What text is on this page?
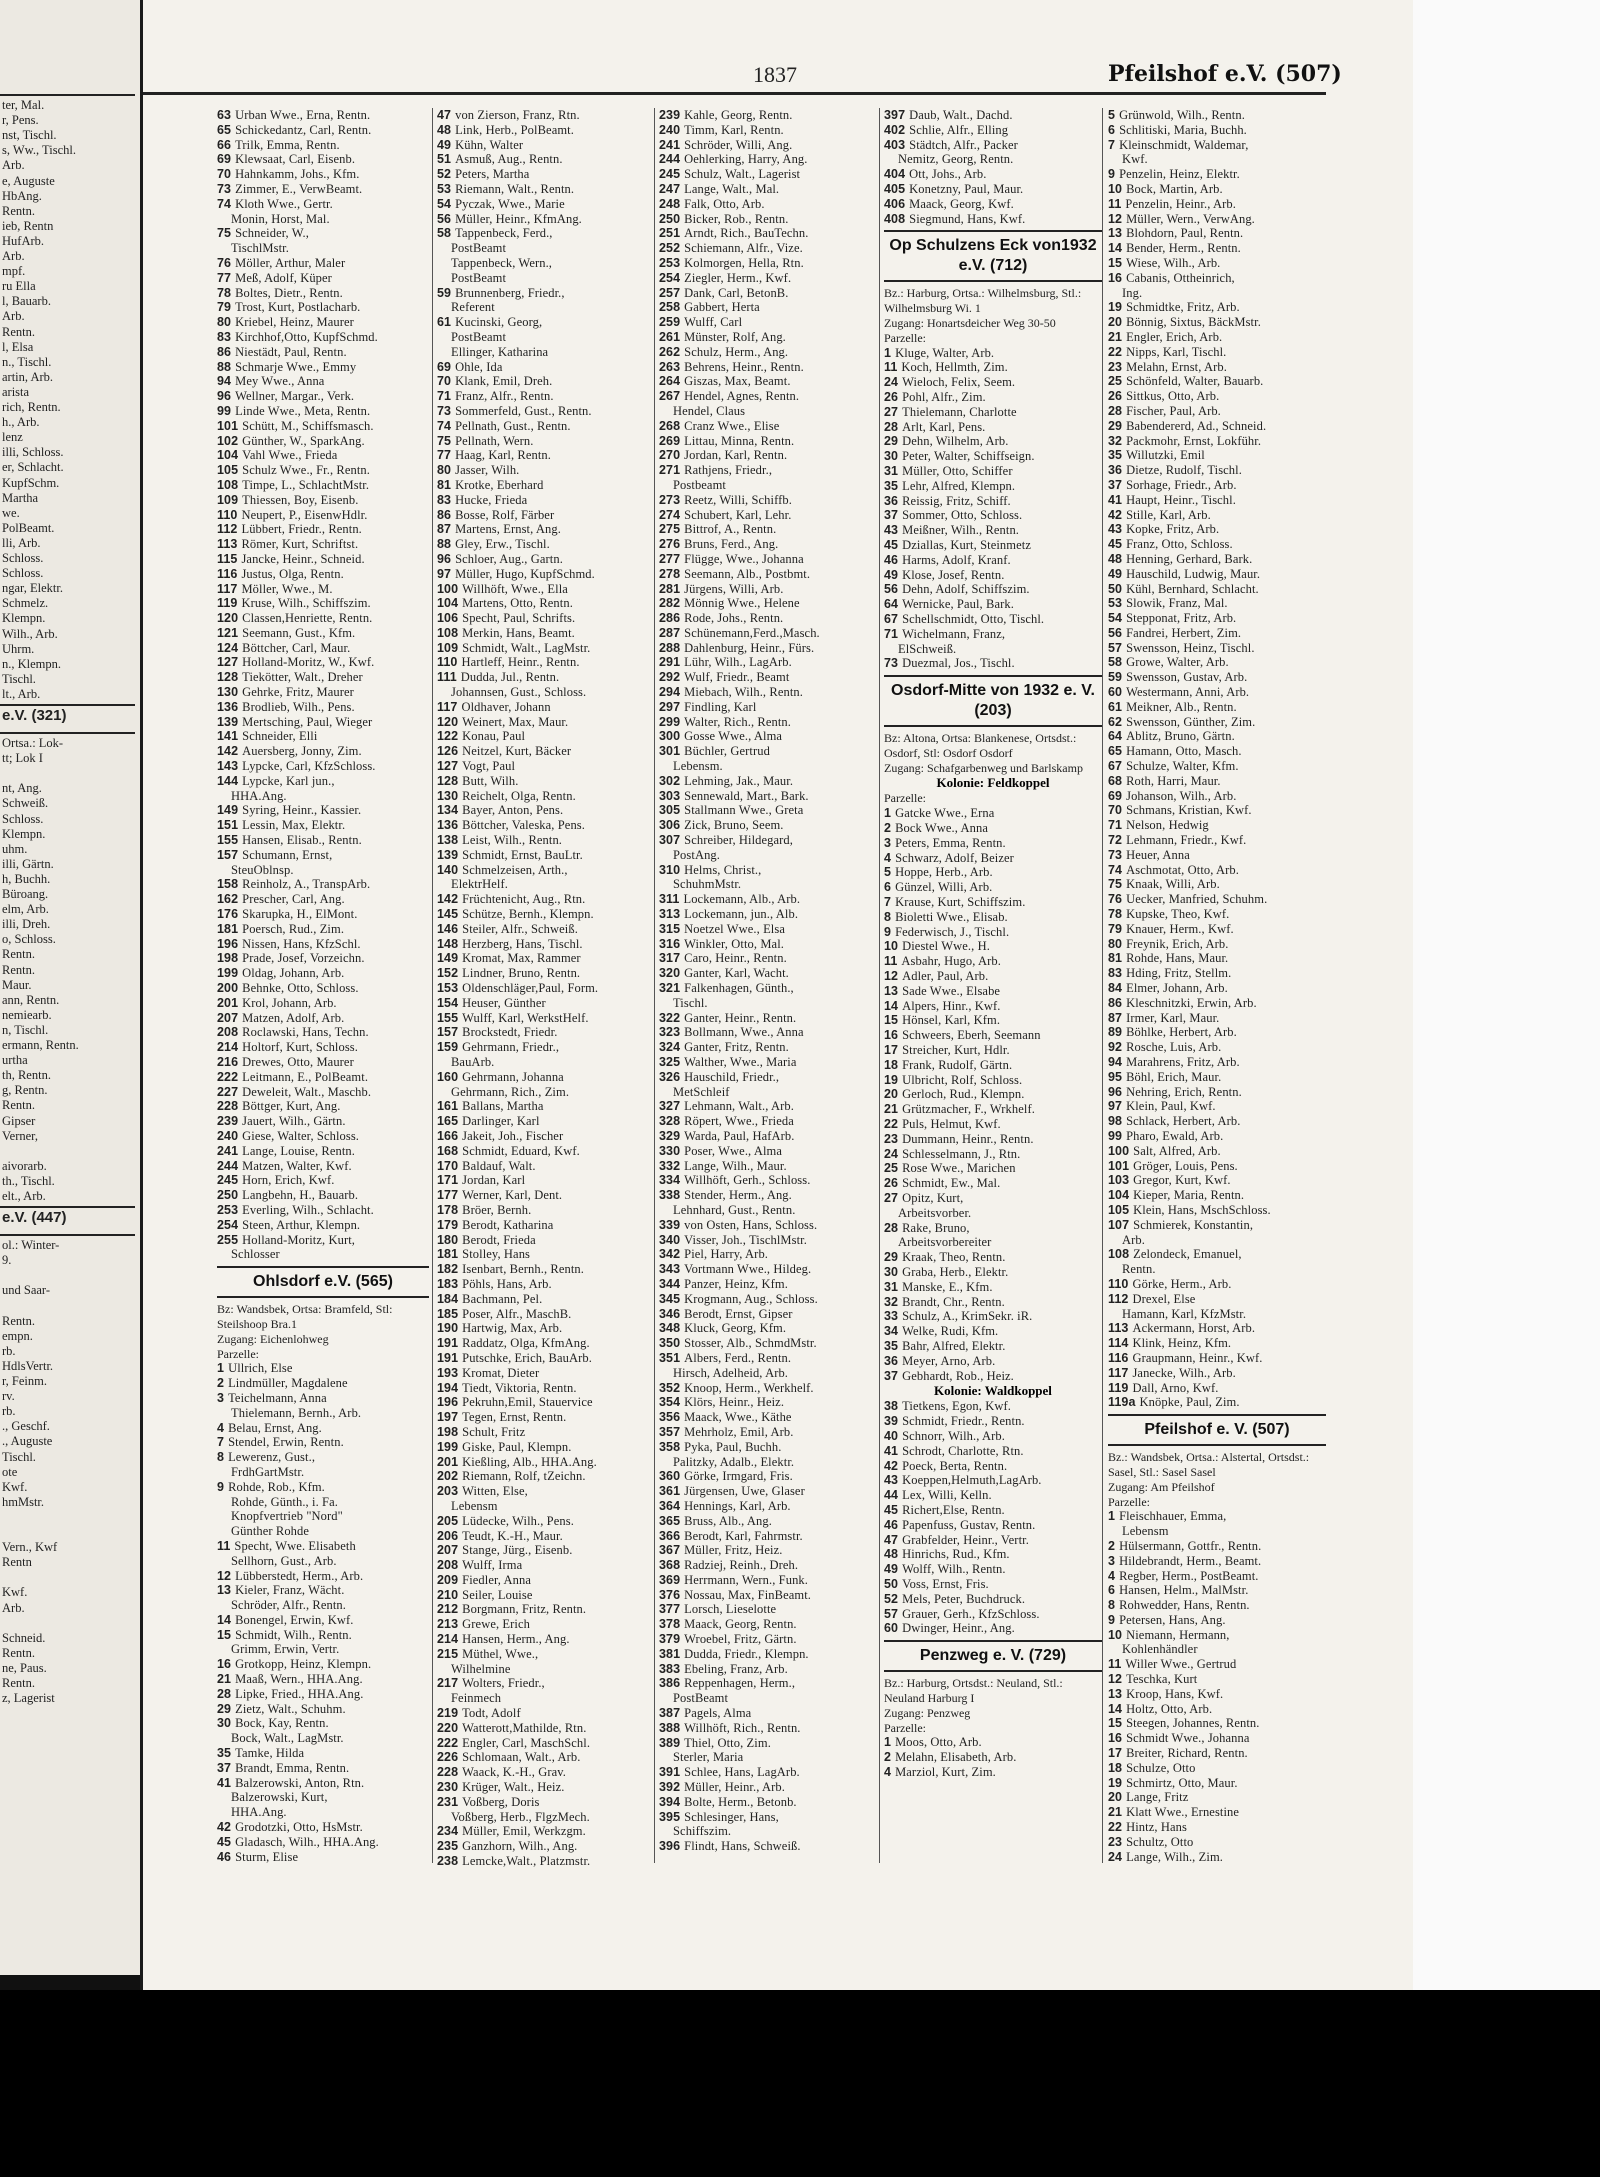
ter, Mal.
r, Pens.
nst, Tischl.
s, Ww., Tischl.
Arb.
e, Auguste
HbAng.
Rentn.
ieb, Rentn
HufArb.
Arb.
mpf.
ru Ella
l, Bauarb.
Arb.
Rentn.
l, Elsa
n., Tischl.
artin, Arb.
arista
rich, Rentn.
h., Arb.
lenz
illi, Schloss.
er, Schlacht.
KupfSchm.
Martha
we.
PolBeamt.
lli, Arb.
Schloss.
Schloss.
ngar, Elektr.
Schmelz.
Klempn.
Wilh., Arb.
Uhrm.
n., Klempn.
Tischl.
lt., Arb.
e.V. (321)
Ortsa.: Lok-
tt; Lok I
nt, Ang.
Schweiß.
Schloss.
Klempn.
uhm.
illi, Gärtn.
h, Buchh.
Büroang.
elm, Arb.
illi, Dreh.
o, Schloss.
Rentn.
Rentn.
Maur.
ann, Rentn.
nemiearb.
n, Tischl.
ermann, Rentn.
urtha
th, Rentn.
g, Rentn.
Rentn.
Gipser
Verner,
aivorarb.
th., Tischl.
elt., Arb.
e.V. (447)
ol.: Winter-
9.
und Saar-
Rentn.
empn.
rb.
HdlsVertr.
r, Feinm.
rv.
rb.
., Geschf.
., Auguste
Tischl.
ote
Kwf.
hmMstr.
Vern., Kwf
Rentn
Kwf.
Arb.
Schneid.
Rentn.
ne, Paus.
Rentn.
z, Lagerist
1837	Pfeilshof e.V. (507)
63 Urban Wwe., Erna, Rentn.
65 Schickedantz, Carl, Rentn.
66 Trilk, Emma, Rentn.
69 Klewsaat, Carl, Eisenb.
70 Hahnkamm, Johs., Kfm.
73 Zimmer, E., VerwBeamt.
74 Kloth Wwe., Gertr.
Monin, Horst, Mal.
75 Schneider, W.,
TischlMstr.
76 Möller, Arthur, Maler
77 Meß, Adolf, Küper
78 Boltes, Dietr., Rentn.
79 Trost, Kurt, Postlacharb.
80 Kriebel, Heinz, Maurer
83 Kirchhof,Otto, KupfSchmd.
86 Niestädt, Paul, Rentn.
88 Schmarje Wwe., Emmy
94 Mey Wwe., Anna
96 Wellner, Margar., Verk.
99 Linde Wwe., Meta, Rentn.
101 Schütt, M., Schiffsmasch.
102 Günther, W., SparkAng.
104 Vahl Wwe., Frieda
105 Schulz Wwe., Fr., Rentn.
108 Timpe, L., SchlachtMstr.
109 Thiessen, Boy, Eisenb.
110 Neupert, P., EisenwHdlr.
112 Lübbert, Friedr., Rentn.
113 Römer, Kurt, Schriftst.
115 Jancke, Heinr., Schneid.
116 Justus, Olga, Rentn.
117 Möller, Wwe., M.
119 Kruse, Wilh., Schiffszim.
120 Classen,Henriette, Rentn.
121 Seemann, Gust., Kfm.
124 Böttcher, Carl, Maur.
127 Holland-Moritz, W., Kwf.
128 Tiekötter, Walt., Dreher
130 Gehrke, Fritz, Maurer
136 Brodlieb, Wilh., Pens.
139 Mertsching, Paul, Wieger
141 Schneider, Elli
142 Auersberg, Jonny, Zim.
143 Lypcke, Carl, KfzSchloss.
144 Lypcke, Karl jun.,
HHA.Ang.
149 Syring, Heinr., Kassier.
151 Lessin, Max, Elektr.
155 Hansen, Elisab., Rentn.
157 Schumann, Ernst,
SteuOblnsp.
158 Reinholz, A., TranspArb.
162 Prescher, Carl, Ang.
176 Skarupka, H., ElMont.
181 Poersch, Rud., Zim.
196 Nissen, Hans, KfzSchl.
198 Prade, Josef, Vorzeichn.
199 Oldag, Johann, Arb.
200 Behnke, Otto, Schloss.
201 Krol, Johann, Arb.
207 Matzen, Adolf, Arb.
208 Roclawski, Hans, Techn.
214 Holtorf, Kurt, Schloss.
216 Drewes, Otto, Maurer
222 Leitmann, E., PolBeamt.
227 Deweleit, Walt., Maschb.
228 Böttger, Kurt, Ang.
239 Jauert, Wilh., Gärtn.
240 Giese, Walter, Schloss.
241 Lange, Louise, Rentn.
244 Matzen, Walter, Kwf.
245 Horn, Erich, Kwf.
250 Langbehn, H., Bauarb.
253 Everling, Wilh., Schlacht.
254 Steen, Arthur, Klempn.
255 Holland-Moritz, Kurt,
Schlosser
Ohlsdorf e.V. (565)
Bz: Wandsbek, Ortsa: Bramfeld, Stl: Steilshoop Bra.1
Zugang: Eichenlohweg
Parzelle:
1 Ullrich, Else
2 Lindmüller, Magdalene
3 Teichelmann, Anna
Thielemann, Bernh., Arb.
4 Belau, Ernst, Ang.
7 Stendel, Erwin, Rentn.
8 Lewerenz, Gust.,
FrdhGartMstr.
9 Rohde, Rob., Kfm.
Rohde, Günth., i. Fa.
Knopfvertrieb "Nord"
Günther Rohde
11 Specht, Wwe. Elisabeth
Sellhorn, Gust., Arb.
12 Lübberstedt, Herm., Arb.
13 Kieler, Franz, Wächt.
Schröder, Alfr., Rentn.
14 Bonengel, Erwin, Kwf.
15 Schmidt, Wilh., Rentn.
Grimm, Erwin, Vertr.
16 Grotkopp, Heinz, Klempn.
21 Maaß, Wern., HHA.Ang.
28 Lipke, Fried., HHA.Ang.
29 Zietz, Walt., Schuhm.
30 Bock, Kay, Rentn.
Bock, Walt., LagMstr.
35 Tamke, Hilda
37 Brandt, Emma, Rentn.
41 Balzerowski, Anton, Rtn.
Balzerowski, Kurt,
HHA.Ang.
42 Grodotzki, Otto, HsMstr.
45 Gladasch, Wilh., HHA.Ang.
46 Sturm, Elise
47 von Zierson, Franz, Rtn.
48 Link, Herb., PolBeamt.
49 Kühn, Walter
51 Asmuß, Aug., Rentn.
52 Peters, Martha
53 Riemann, Walt., Rentn.
54 Pyczak, Wwe., Marie
56 Müller, Heinr., KfmAng.
58 Tappenbeck, Ferd.,
PostBeamt
Tappenbeck, Wern.,
PostBeamt
59 Brunnenberg, Friedr.,
Referent
61 Kucinski, Georg,
PostBeamt
Ellinger, Katharina
69 Ohle, Ida
70 Klank, Emil, Dreh.
71 Franz, Alfr., Rentn.
73 Sommerfeld, Gust., Rentn.
74 Pellnath, Gust., Rentn.
75 Pellnath, Wern.
77 Haag, Karl, Rentn.
80 Jasser, Wilh.
81 Krotke, Eberhard
83 Hucke, Frieda
86 Bosse, Rolf, Färber
87 Martens, Ernst, Ang.
88 Gley, Erw., Tischl.
96 Schloer, Aug., Gartn.
97 Müller, Hugo, KupfSchmd.
100 Willhöft, Wwe., Ella
104 Martens, Otto, Rentn.
106 Specht, Paul, Schrifts.
108 Merkin, Hans, Beamt.
109 Schmidt, Walt., LagMstr.
110 Hartleff, Heinr., Rentn.
111 Dudda, Jul., Rentn.
Johannsen, Gust., Schloss.
117 Oldhaver, Johann
120 Weinert, Max, Maur.
122 Konau, Paul
126 Neitzel, Kurt, Bäcker
127 Vogt, Paul
128 Butt, Wilh.
130 Reichelt, Olga, Rentn.
134 Bayer, Anton, Pens.
136 Böttcher, Valeska, Pens.
138 Leist, Wilh., Rentn.
139 Schmidt, Ernst, BauLtr.
140 Schmelzeisen, Arth.,
ElektrHelf.
142 Früchtenicht, Aug., Rtn.
145 Schütze, Bernh., Klempn.
146 Steiler, Alfr., Schweiß.
148 Herzberg, Hans, Tischl.
149 Kromat, Max, Rammer
152 Lindner, Bruno, Rentn.
153 Oldenschläger,Paul, Form.
154 Heuser, Günther
155 Wulff, Karl, WerkstHelf.
157 Brockstedt, Friedr.
159 Gehrmann, Friedr.,
BauArb.
160 Gehrmann, Johanna
Gehrmann, Rich., Zim.
161 Ballans, Martha
165 Darlinger, Karl
166 Jakeit, Joh., Fischer
168 Schmidt, Eduard, Kwf.
170 Baldauf, Walt.
171 Jordan, Karl
177 Werner, Karl, Dent.
178 Bröer, Bernh.
179 Berodt, Katharina
180 Berodt, Frieda
181 Stolley, Hans
182 Isenbart, Bernh., Rentn.
183 Pöhls, Hans, Arb.
184 Bachmann, Pel.
185 Poser, Alfr., MaschB.
190 Hartwig, Max, Arb.
191 Raddatz, Olga, KfmAng.
191 Putschke, Erich, BauArb.
193 Kromat, Dieter
194 Tiedt, Viktoria, Rentn.
196 Pekruhn,Emil, Stauervice
197 Tegen, Ernst, Rentn.
198 Schult, Fritz
199 Giske, Paul, Klempn.
201 Kießling, Alb., HHA.Ang.
202 Riemann, Rolf, tZeichn.
203 Witten, Else,
Lebensm
205 Lüdecke, Wilh., Pens.
206 Teudt, K.-H., Maur.
207 Stange, Jürg., Eisenb.
208 Wulff, Irma
209 Fiedler, Anna
210 Seiler, Louise
212 Borgmann, Fritz, Rentn.
213 Grewe, Erich
214 Hansen, Herm., Ang.
215 Müthel, Wwe.,
Wilhelmine
217 Wolters, Friedr.,
Feinmech
219 Todt, Adolf
220 Watterott,Mathilde, Rtn.
222 Engler, Carl, MaschSchl.
226 Schlomaan, Walt., Arb.
228 Waack, K.-H., Grav.
230 Krüger, Walt., Heiz.
231 Voßberg, Doris
Voßberg, Herb., FlgzMech.
234 Müller, Emil, Werkzgm.
235 Ganzhorn, Wilh., Ang.
238 Lemcke,Walt., Platzmstr.
239 Kahle, Georg, Rentn.
240 Timm, Karl, Rentn.
241 Schröder, Willi, Ang.
244 Oehlerking, Harry, Ang.
245 Schulz, Walt., Lagerist
247 Lange, Walt., Mal.
248 Falk, Otto, Arb.
250 Bicker, Rob., Rentn.
251 Arndt, Rich., BauTechn.
252 Schiemann, Alfr., Vize.
253 Kolmorgen, Hella, Rtn.
254 Ziegler, Herm., Kwf.
257 Dank, Carl, BetonB.
258 Gabbert, Herta
259 Wulff, Carl
261 Münster, Rolf, Ang.
262 Schulz, Herm., Ang.
263 Behrens, Heinr., Rentn.
264 Giszas, Max, Beamt.
267 Hendel, Agnes, Rentn.
Hendel, Claus
268 Cranz Wwe., Elise
269 Littau, Minna, Rentn.
270 Jordan, Karl, Rentn.
271 Rathjens, Friedr.,
Postbeamt
273 Reetz, Willi, Schiffb.
274 Schubert, Karl, Lehr.
275 Bittrof, A., Rentn.
276 Bruns, Ferd., Ang.
277 Flügge, Wwe., Johanna
278 Seemann, Alb., Postbmt.
281 Jürgens, Willi, Arb.
282 Mönnig Wwe., Helene
286 Rode, Johs., Rentn.
287 Schünemann,Ferd.,Masch.
288 Dahlenburg, Heinr., Fürs.
291 Lühr, Wilh., LagArb.
292 Wulf, Friedr., Beamt
294 Miebach, Wilh., Rentn.
297 Findling, Karl
299 Walter, Rich., Rentn.
300 Gosse Wwe., Alma
301 Büchler, Gertrud
Lebensm.
302 Lehming, Jak., Maur.
303 Sennewald, Mart., Bark.
305 Stallmann Wwe., Greta
306 Zick, Bruno, Seem.
307 Schreiber, Hildegard,
PostAng.
310 Helms, Christ.,
SchuhmMstr.
311 Lockemann, Alb., Arb.
313 Lockemann, jun., Alb.
315 Noetzel Wwe., Elsa
316 Winkler, Otto, Mal.
317 Caro, Heinr., Rentn.
320 Ganter, Karl, Wacht.
321 Falkenhagen, Günth.,
Tischl.
322 Ganter, Heinr., Rentn.
323 Bollmann, Wwe., Anna
324 Ganter, Fritz, Rentn.
325 Walther, Wwe., Maria
326 Hauschild, Friedr.,
MetSchleif
327 Lehmann, Walt., Arb.
328 Röpert, Wwe., Frieda
329 Warda, Paul, HafArb.
330 Poser, Wwe., Alma
332 Lange, Wilh., Maur.
334 Willhöft, Gerh., Schloss.
338 Stender, Herm., Ang.
Lehnhard, Gust., Rentn.
339 von Osten, Hans, Schloss.
340 Visser, Joh., TischlMstr.
342 Piel, Harry, Arb.
343 Vortmann Wwe., Hildeg.
344 Panzer, Heinz, Kfm.
345 Krogmann, Aug., Schloss.
346 Berodt, Ernst, Gipser
348 Kluck, Georg, Kfm.
350 Stosser, Alb., SchmdMstr.
351 Albers, Ferd., Rentn.
Hirsch, Adelheid, Arb.
352 Knoop, Herm., Werkhelf.
354 Klörs, Heinr., Heiz.
356 Maack, Wwe., Käthe
357 Mehrholz, Emil, Arb.
358 Pyka, Paul, Buchh.
Palitzky, Adalb., Elektr.
360 Görke, Irmgard, Fris.
361 Jürgensen, Uwe, Glaser
364 Hennings, Karl, Arb.
365 Bruss, Alb., Ang.
366 Berodt, Karl, Fahrmstr.
367 Müller, Fritz, Heiz.
368 Radziej, Reinh., Dreh.
369 Herrmann, Wern., Funk.
376 Nossau, Max, FinBeamt.
377 Lorsch, Lieselotte
378 Maack, Georg, Rentn.
379 Wroebel, Fritz, Gärtn.
381 Dudda, Friedr., Klempn.
383 Ebeling, Franz, Arb.
386 Reppenhagen, Herm.,
PostBeamt
387 Pagels, Alma
388 Willhöft, Rich., Rentn.
389 Thiel, Otto, Zim.
Sterler, Maria
391 Schlee, Hans, LagArb.
392 Müller, Heinr., Arb.
394 Bolte, Herm., Betonb.
395 Schlesinger, Hans,
Schiffszim.
396 Flindt, Hans, Schweiß.
397 Daub, Walt., Dachd.
402 Schlie, Alfr., Elling
403 Städtch, Alfr., Packer
Nemitz, Georg, Rentn.
404 Ott, Johs., Arb.
405 Konetzny, Paul, Maur.
406 Maack, Georg, Kwf.
408 Siegmund, Hans, Kwf.
Op Schulzens Eck von1932 e.V. (712)
Bz.: Harburg, Ortsa.: Wilhelmsburg, Stl.: Wilhelmsburg Wi. 1
Zugang: Honartsdeicher Weg 30-50
Parzelle:
1 Kluge, Walter, Arb.
11 Koch, Hellmth, Zim.
24 Wieloch, Felix, Seem.
26 Pohl, Alfr., Zim.
27 Thielemann, Charlotte
28 Arlt, Karl, Pens.
29 Dehn, Wilhelm, Arb.
30 Peter, Walter, Schiffseign.
31 Müller, Otto, Schiffer
35 Lehr, Alfred, Klempn.
36 Reissig, Fritz, Schiff.
37 Sommer, Otto, Schloss.
43 Meißner, Wilh., Rentn.
45 Dziallas, Kurt, Steinmetz
46 Harms, Adolf, Kranf.
49 Klose, Josef, Rentn.
56 Dehn, Adolf, Schiffszim.
64 Wernicke, Paul, Bark.
67 Schellschmidt, Otto, Tischl.
71 Wichelmann, Franz,
ElSchweiß.
73 Duezmal, Jos., Tischl.
Osdorf-Mitte von 1932 e. V. (203)
Bz: Altona, Ortsa: Blankenese, Ortsdst.: Osdorf, Stl: Osdorf Osdorf
Zugang: Schafgarbenweg und Barlskamp
Kolonie: Feldkoppel
Parzelle:
1 Gatcke Wwe., Erna
2 Bock Wwe., Anna
3 Peters, Emma, Rentn.
4 Schwarz, Adolf, Beizer
5 Hoppe, Herb., Arb.
6 Günzel, Willi, Arb.
7 Krause, Kurt, Schiffszim.
8 Bioletti Wwe., Elisab.
9 Federwisch, J., Tischl.
10 Diestel Wwe., H.
11 Asbahr, Hugo, Arb.
12 Adler, Paul, Arb.
13 Sade Wwe., Elsabe
14 Alpers, Hinr., Kwf.
15 Hönsel, Karl, Kfm.
16 Schweers, Eberh, Seemann
17 Streicher, Kurt, Hdlr.
18 Frank, Rudolf, Gärtn.
19 Ulbricht, Rolf, Schloss.
20 Gerloch, Rud., Klempn.
21 Grützmacher, F., Wrkhelf.
22 Puls, Helmut, Kwf.
23 Dummann, Heinr., Rentn.
24 Schlesselmann, J., Rtn.
25 Rose Wwe., Marichen
26 Schmidt, Ew., Mal.
27 Opitz, Kurt,
Arbeitsvorber.
28 Rake, Bruno,
Arbeitsvorbereiter
29 Kraak, Theo, Rentn.
30 Graba, Herb., Elektr.
31 Manske, E., Kfm.
32 Brandt, Chr., Rentn.
33 Schulz, A., KrimSekr. iR.
34 Welke, Rudi, Kfm.
35 Bahr, Alfred, Elektr.
36 Meyer, Arno, Arb.
37 Gebhardt, Rob., Heiz.
Kolonie: Waldkoppel
38 Tietkens, Egon, Kwf.
39 Schmidt, Friedr., Rentn.
40 Schnorr, Wilh., Arb.
41 Schrodt, Charlotte, Rtn.
42 Poeck, Berta, Rentn.
43 Koeppen,Helmuth,LagArb.
44 Lex, Willi, Kelln.
45 Richert,Else, Rentn.
46 Papenfuss, Gustav, Rentn.
47 Grabfelder, Heinr., Vertr.
48 Hinrichs, Rud., Kfm.
49 Wolff, Wilh., Rentn.
50 Voss, Ernst, Fris.
52 Mels, Peter, Buchdruck.
57 Grauer, Gerh., KfzSchloss.
60 Dwinger, Heinr., Ang.
Penzweg e. V. (729)
Bz.: Harburg, Ortsdst.: Neuland, Stl.: Neuland Harburg I
Zugang: Penzweg
Parzelle:
1 Moos, Otto, Arb.
2 Melahn, Elisabeth, Arb.
4 Marziol, Kurt, Zim.
5 Grünwold, Wilh., Rentn.
6 Schlitiski, Maria, Buchh.
7 Kleinschmidt, Waldemar,
Kwf.
9 Penzelin, Heinz, Elektr.
10 Bock, Martin, Arb.
11 Penzelin, Heinr., Arb.
12 Müller, Wern., VerwAng.
13 Blohdorn, Paul, Rentn.
14 Bender, Herm., Rentn.
15 Wiese, Wilh., Arb.
16 Cabanis, Ottheinrich,
Ing.
19 Schmidtke, Fritz, Arb.
20 Bönnig, Sixtus, BäckMstr.
21 Engler, Erich, Arb.
22 Nipps, Karl, Tischl.
23 Melahn, Ernst, Arb.
25 Schönfeld, Walter, Bauarb.
26 Sittkus, Otto, Arb.
28 Fischer, Paul, Arb.
29 Babendererd, Ad., Schneid.
32 Packmohr, Ernst, Lokführ.
35 Willutzki, Emil
36 Dietze, Rudolf, Tischl.
37 Sorhage, Friedr., Arb.
41 Haupt, Heinr., Tischl.
42 Stille, Karl, Arb.
43 Kopke, Fritz, Arb.
45 Franz, Otto, Schloss.
48 Henning, Gerhard, Bark.
49 Hauschild, Ludwig, Maur.
50 Kühl, Bernhard, Schlacht.
53 Slowik, Franz, Mal.
54 Stepponat, Fritz, Arb.
56 Fandrei, Herbert, Zim.
57 Swensson, Heinz, Tischl.
58 Growe, Walter, Arb.
59 Swensson, Gustav, Arb.
60 Westermann, Anni, Arb.
61 Meikner, Alb., Rentn.
62 Swensson, Günther, Zim.
64 Ablitz, Bruno, Gärtn.
65 Hamann, Otto, Masch.
67 Schulze, Walter, Kfm.
68 Roth, Harri, Maur.
69 Johanson, Wilh., Arb.
70 Schmans, Kristian, Kwf.
71 Nelson, Hedwig
72 Lehmann, Friedr., Kwf.
73 Heuer, Anna
74 Aschmotat, Otto, Arb.
75 Knaak, Willi, Arb.
76 Uecker, Manfried, Schuhm.
78 Kupske, Theo, Kwf.
79 Knauer, Herm., Kwf.
80 Freynik, Erich, Arb.
81 Rohde, Hans, Maur.
83 Hding, Fritz, Stellm.
84 Elmer, Johann, Arb.
86 Kleschnitzki, Erwin, Arb.
87 Irmer, Karl, Maur.
89 Böhlke, Herbert, Arb.
92 Rosche, Luis, Arb.
94 Marahrens, Fritz, Arb.
95 Böhl, Erich, Maur.
96 Nehring, Erich, Rentn.
97 Klein, Paul, Kwf.
98 Schlack, Herbert, Arb.
99 Pharo, Ewald, Arb.
100 Salt, Alfred, Arb.
101 Gröger, Louis, Pens.
103 Gregor, Kurt, Kwf.
104 Kieper, Maria, Rentn.
105 Klein, Hans, MschSchloss.
107 Schmierek, Konstantin,
Arb.
108 Zelondeck, Emanuel,
Rentn.
110 Görke, Herm., Arb.
112 Drexel, Else
Hamann, Karl, KfzMstr.
113 Ackermann, Horst, Arb.
114 Klink, Heinz, Kfm.
116 Graupmann, Heinr., Kwf.
117 Janecke, Wilh., Arb.
119 Dall, Arno, Kwf.
119a Knöpke, Paul, Zim.
Pfeilshof e. V. (507)
Bz.: Wandsbek, Ortsa.: Alstertal, Ortsdst.: Sasel, Stl.: Sasel Sasel
Zugang: Am Pfeilshof
Parzelle:
1 Fleischhauer, Emma,
Lebensm
2 Hülsermann, Gottfr., Rentn.
3 Hildebrandt, Herm., Beamt.
4 Regber, Herm., PostBeamt.
6 Hansen, Helm., MalMstr.
8 Rohwedder, Hans, Rentn.
9 Petersen, Hans, Ang.
10 Niemann, Hermann,
Kohlenhändler
11 Willer Wwe., Gertrud
12 Teschka, Kurt
13 Kroop, Hans, Kwf.
14 Holtz, Otto, Arb.
15 Steegen, Johannes, Rentn.
16 Schmidt Wwe., Johanna
17 Breiter, Richard, Rentn.
18 Schulze, Otto
19 Schmirtz, Otto, Maur.
20 Lange, Fritz
21 Klatt Wwe., Ernestine
22 Hintz, Hans
23 Schultz, Otto
24 Lange, Wilh., Zim.
